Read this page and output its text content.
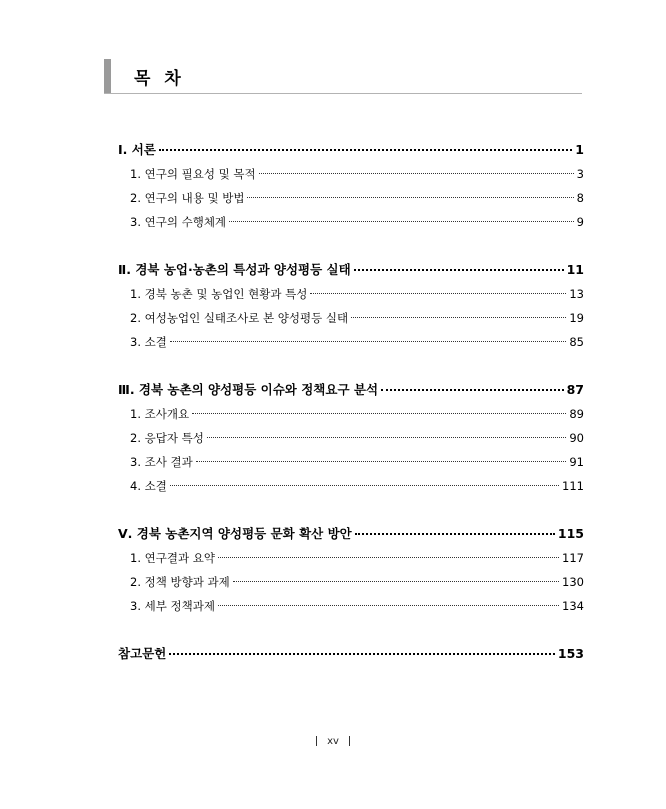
목 차
Ⅰ. 서론	1
1. 연구의 필요성 및 목적	3
2. 연구의 내용 및 방법	8
3. 연구의 수행체계	9
Ⅱ. 경북 농업·농촌의 특성과 양성평등 실태	11
1. 경북 농촌 및 농업인 현황과 특성	13
2. 여성농업인 실태조사로 본 양성평등 실태	19
3. 소결	85
Ⅲ. 경북 농촌의 양성평등 이슈와 정책요구 분석	87
1. 조사개요	89
2. 응답자 특성	90
3. 조사 결과	91
4. 소결	111
Ⅴ. 경북 농촌지역 양성평등 문화 확산 방안	115
1. 연구결과 요약	117
2. 정책 방향과 과제	130
3. 세부 정책과제	134
참고문헌	153
xv
